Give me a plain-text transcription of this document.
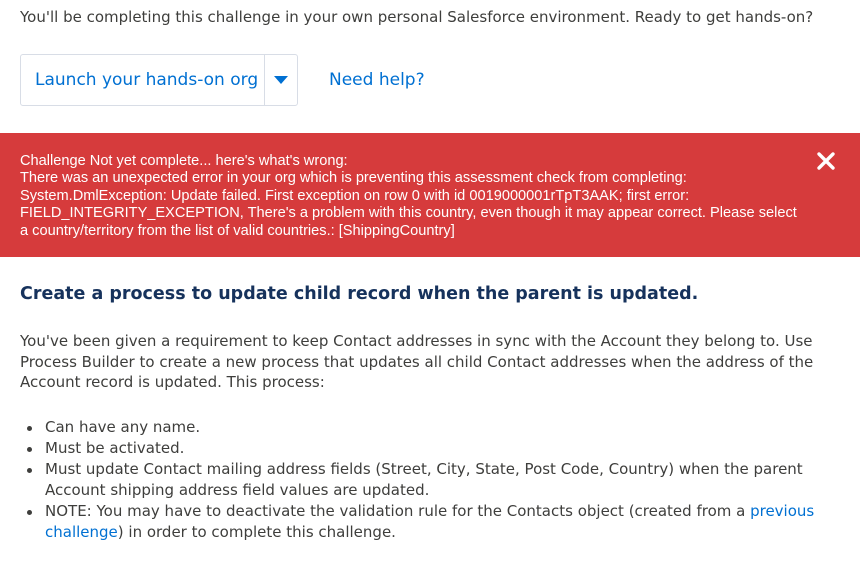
You'll be completing this challenge in your own personal Salesforce environment. Ready to get hands-on?
Launch your hands-on org	Need help?
Challenge Not yet complete... here's what's wrong:
There was an unexpected error in your org which is preventing this assessment check from completing:
System.DmlException: Update failed. First exception on row 0 with id 0019000001rTpT3AAK; first error:
FIELD_INTEGRITY_EXCEPTION, There's a problem with this country, even though it may appear correct. Please select
a country/territory from the list of valid countries.: [ShippingCountry]
Create a process to update child record when the parent is updated.
You've been given a requirement to keep Contact addresses in sync with the Account they belong to. Use
Process Builder to create a new process that updates all child Contact addresses when the address of the
Account record is updated. This process:
Can have any name.
Must be activated.
Must update Contact mailing address fields (Street, City, State, Post Code, Country) when the parent
Account shipping address field values are updated.
NOTE: You may have to deactivate the validation rule for the Contacts object (created from a previous
challenge) in order to complete this challenge.
